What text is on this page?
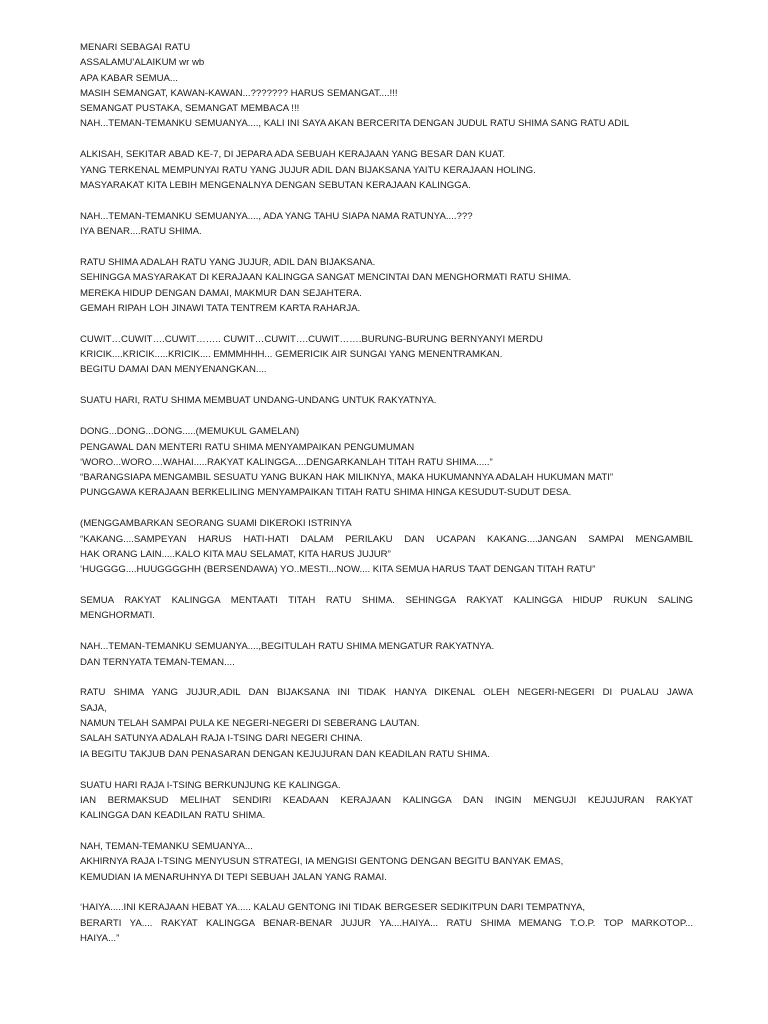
MENARI SEBAGAI RATU
ASSALAMU’ALAIKUM wr wb
APA KABAR SEMUA...
MASIH SEMANGAT, KAWAN-KAWAN...??????? HARUS SEMANGAT....!!!
SEMANGAT PUSTAKA, SEMANGAT MEMBACA !!!
NAH...TEMAN-TEMANKU SEMUANYA...., KALI INI SAYA AKAN BERCERITA DENGAN JUDUL RATU SHIMA SANG RATU ADIL
ALKISAH, SEKITAR ABAD KE-7, DI JEPARA ADA SEBUAH KERAJAAN YANG BESAR DAN KUAT.
YANG TERKENAL MEMPUNYAI RATU YANG JUJUR ADIL DAN BIJAKSANA YAITU KERAJAAN HOLING.
MASYARAKAT KITA LEBIH MENGENALNYA DENGAN SEBUTAN KERAJAAN KALINGGA.
NAH...TEMAN-TEMANKU SEMUANYA...., ADA YANG TAHU SIAPA NAMA RATUNYA....???
IYA BENAR....RATU SHIMA.
RATU SHIMA ADALAH RATU YANG JUJUR, ADIL DAN BIJAKSANA.
SEHINGGA MASYARAKAT DI KERAJAAN KALINGGA SANGAT MENCINTAI DAN MENGHORMATI RATU SHIMA.
MEREKA HIDUP DENGAN DAMAI, MAKMUR DAN SEJAHTERA.
GEMAH RIPAH LOH JINAWI TATA TENTREM KARTA RAHARJA.
CUWIT…CUWIT….CUWIT…….. CUWIT…CUWIT….CUWIT…….BURUNG-BURUNG BERNYANYI MERDU
KRICIK....KRICIK.....KRICIK.... EMMMHHH... GEMERICIK AIR SUNGAI YANG MENENTRAMKAN.
BEGITU DAMAI DAN MENYENANGKAN....
SUATU HARI, RATU SHIMA MEMBUAT UNDANG-UNDANG UNTUK RAKYATNYA.
DONG...DONG...DONG.....(MEMUKUL GAMELAN)
PENGAWAL DAN MENTERI RATU SHIMA MENYAMPAIKAN PENGUMUMAN
‘WORO...WORO....WAHAI.....RAKYAT KALINGGA....DENGARKANLAH TITAH RATU SHIMA.....”
“BARANGSIAPA MENGAMBIL SESUATU YANG BUKAN HAK MILIKNYA, MAKA HUKUMANNYA ADALAH HUKUMAN MATI”
PUNGGAWA KERAJAAN BERKELILING MENYAMPAIKAN TITAH RATU SHIMA HINGA KESUDUT-SUDUT DESA.
(MENGGAMBARKAN SEORANG SUAMI DIKEROKI ISTRINYA
“KAKANG....SAMPEYAN HARUS HATI-HATI DALAM PERILAKU DAN UCAPAN KAKANG....JANGAN SAMPAI MENGAMBIL
HAK ORANG LAIN.....KALO KITA MAU SELAMAT, KITA HARUS JUJUR”
‘HUGGGG....HUUGGGGHH (BERSENDAWA) YO..MESTI...NOW.... KITA SEMUA HARUS TAAT DENGAN TITAH RATU”
SEMUA RAKYAT KALINGGA MENTAATI TITAH RATU SHIMA. SEHINGGA RAKYAT KALINGGA HIDUP RUKUN SALING
MENGHORMATI.
NAH...TEMAN-TEMANKU SEMUANYA....,BEGITULAH RATU SHIMA MENGATUR RAKYATNYA.
DAN TERNYATA TEMAN-TEMAN....
RATU SHIMA YANG JUJUR,ADIL DAN BIJAKSANA INI TIDAK HANYA DIKENAL OLEH NEGERI-NEGERI DI PUALAU JAWA
SAJA,
NAMUN TELAH SAMPAI PULA KE NEGERI-NEGERI DI SEBERANG LAUTAN.
SALAH SATUNYA ADALAH RAJA I-TSING DARI NEGERI CHINA.
IA BEGITU TAKJUB DAN PENASARAN DENGAN KEJUJURAN DAN KEADILAN RATU SHIMA.
SUATU HARI RAJA I-TSING BERKUNJUNG KE KALINGGA.
IAN BERMAKSUD MELIHAT SENDIRI KEADAAN KERAJAAN KALINGGA DAN INGIN MENGUJI KEJUJURAN RAKYAT
KALINGGA DAN KEADILAN RATU SHIMA.
NAH, TEMAN-TEMANKU SEMUANYA...
AKHIRNYA RAJA I-TSING MENYUSUN STRATEGI, IA MENGISI GENTONG DENGAN BEGITU BANYAK EMAS,
KEMUDIAN IA MENARUHNYA DI TEPI SEBUAH JALAN YANG RAMAI.
‘HAIYA.....INI KERAJAAN HEBAT YA..... KALAU GENTONG INI TIDAK BERGESER SEDIKITPUN DARI TEMPATNYA,
BERARTI YA.... RAKYAT KALINGGA BENAR-BENAR JUJUR YA....HAIYA... RATU SHIMA MEMANG T.O.P. TOP MARKOTOP...
HAIYA...”
